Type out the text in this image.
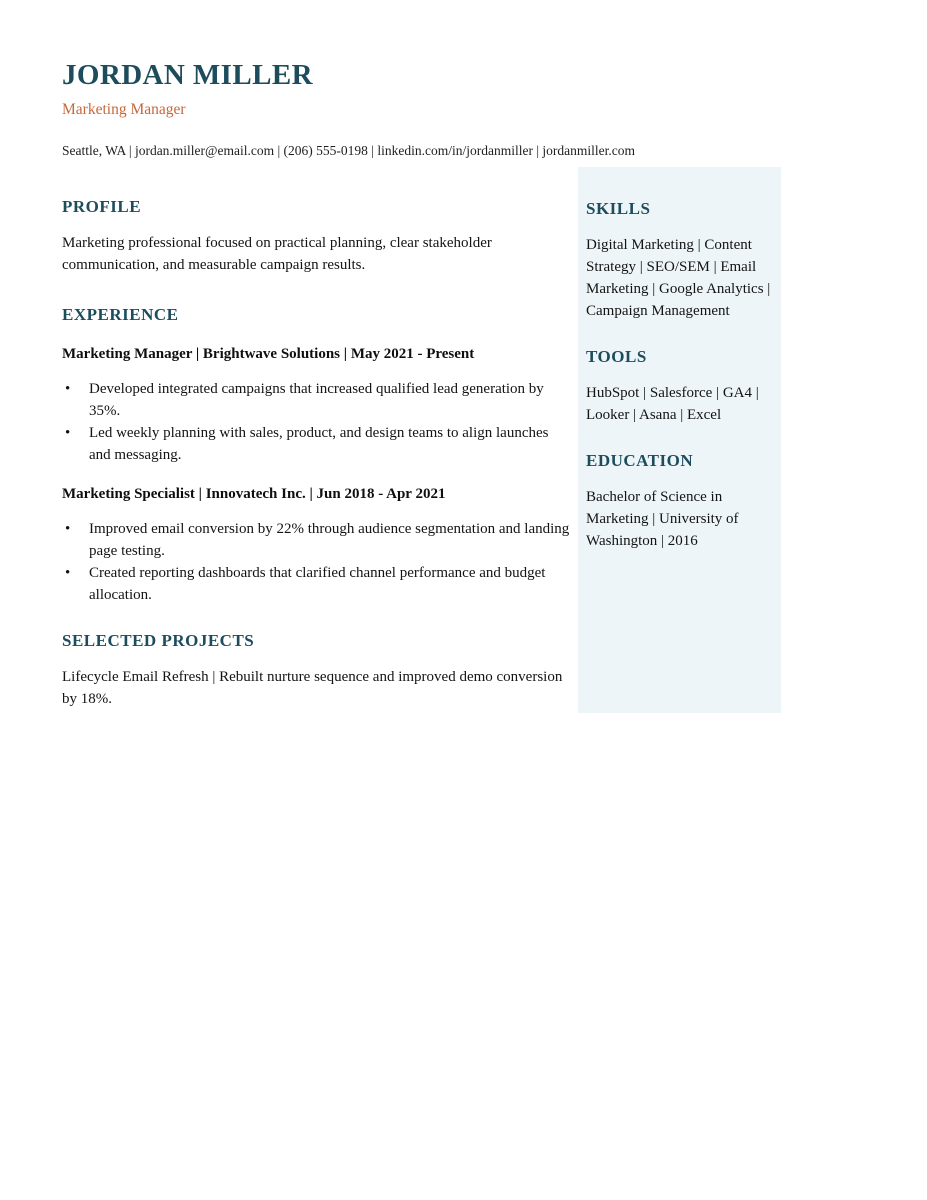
JORDAN MILLER
Marketing Manager
Seattle, WA | jordan.miller@email.com | (206) 555-0198 | linkedin.com/in/jordanmiller | jordanmiller.com
PROFILE

Marketing professional focused on practical planning, clear stakeholder communication, and measurable campaign results.

EXPERIENCE
Marketing Manager | Brightwave Solutions | May 2021 - Present
• Developed integrated campaigns that increased qualified lead generation by 35%.
• Led weekly planning with sales, product, and design teams to align launches and messaging.
Marketing Specialist | Innovatech Inc. | Jun 2018 - Apr 2021
• Improved email conversion by 22% through audience segmentation and landing page testing.
• Created reporting dashboards that clarified channel performance and budget allocation.
SELECTED PROJECTS

Lifecycle Email Refresh | Rebuilt nurture sequence and improved demo conversion by 18%.

SKILLS

Digital Marketing | Content Strategy | SEO/SEM | Email Marketing | Google Analytics | Campaign Management

TOOLS

HubSpot | Salesforce | GA4 | Looker | Asana | Excel

EDUCATION

Bachelor of Science in Marketing | University of Washington | 2016
